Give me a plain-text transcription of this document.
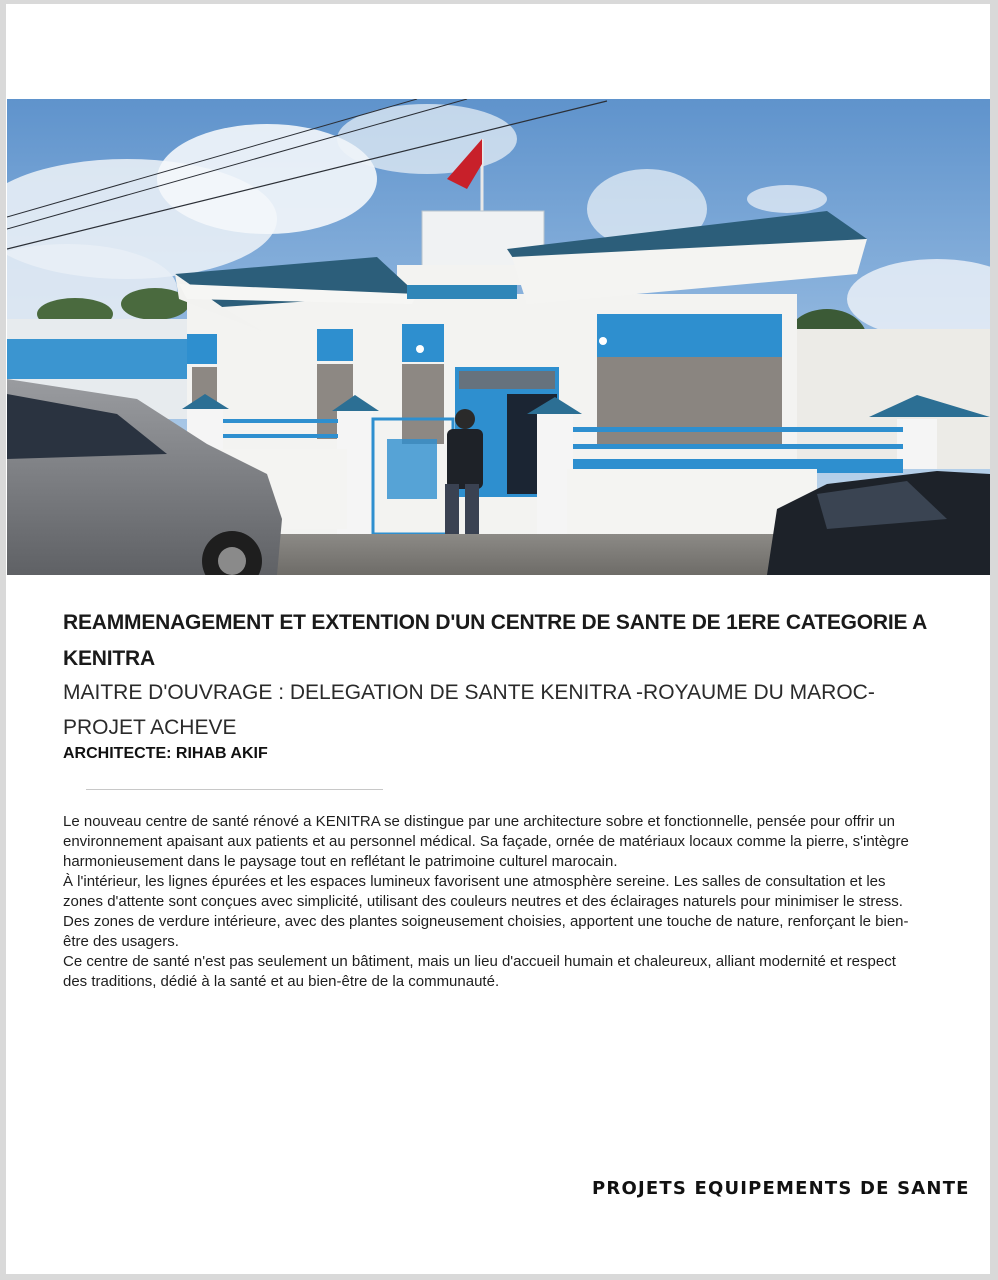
REAMMENAGEMENT ET EXTENTION D'UN CENTRE DE SANTE DE 1ERE CATEGORIE A KENITRA
MAITRE D'OUVRAGE : DELEGATION DE SANTE KENITRA -ROYAUME DU MAROC- PROJET ACHEVE
ARCHITECTE: RIHAB AKIF

Le nouveau centre de santé rénové a KENITRA se distingue par une architecture sobre et fonctionnelle, pensée pour offrir un environnement apaisant aux patients et au personnel médical. Sa façade, ornée de matériaux locaux comme la pierre, s'intègre harmonieusement dans le paysage tout en reflétant le patrimoine culturel marocain.

À l'intérieur, les lignes épurées et les espaces lumineux favorisent une atmosphère sereine. Les salles de consultation et les zones d'attente sont conçues avec simplicité, utilisant des couleurs neutres et des éclairages naturels pour minimiser le stress. Des zones de verdure intérieure, avec des plantes soigneusement choisies, apportent une touche de nature, renforçant le bien-être des usagers.

Ce centre de santé n'est pas seulement un bâtiment, mais un lieu d'accueil humain et chaleureux, alliant modernité et respect des traditions, dédié à la santé et au bien-être de la communauté.

PROJETS EQUIPEMENTS DE SANTE
